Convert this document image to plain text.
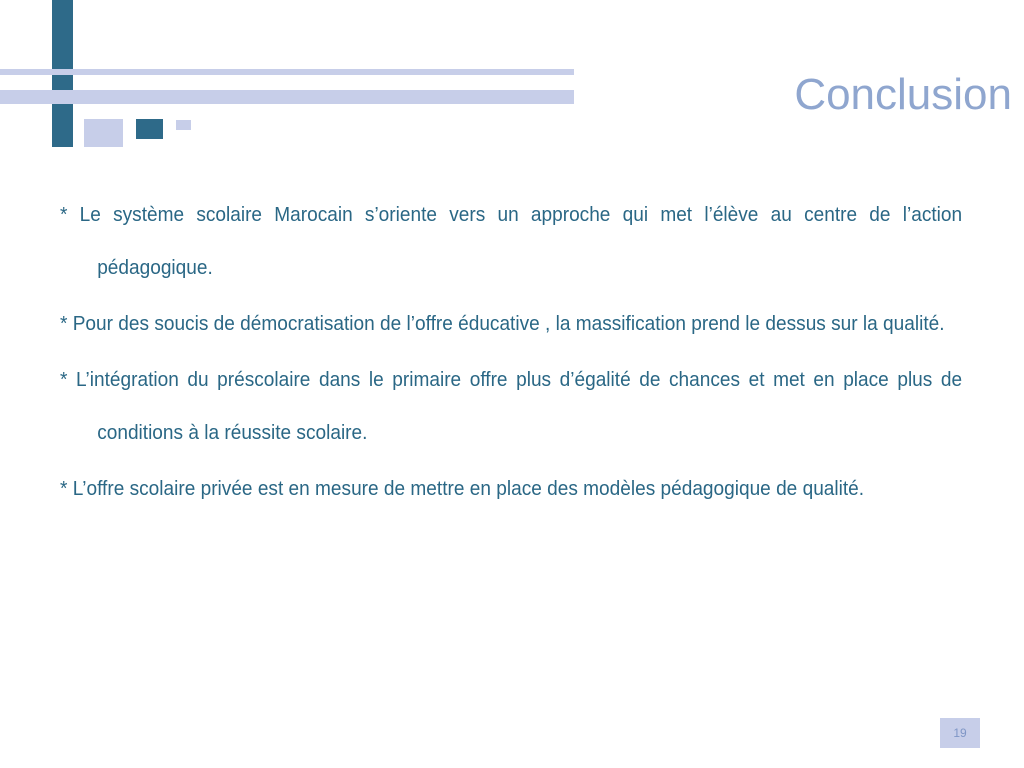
Conclusion
* Le système scolaire Marocain s’oriente vers un approche qui met l’élève au centre de l’action pédagogique.
* Pour des soucis de démocratisation de l’offre éducative , la massification prend le dessus sur la qualité.
* L’intégration du préscolaire dans le primaire offre plus d’égalité de chances et met en place plus de conditions à la réussite scolaire.
* L’offre scolaire privée est en mesure de mettre en place des modèles pédagogique de qualité.
19
